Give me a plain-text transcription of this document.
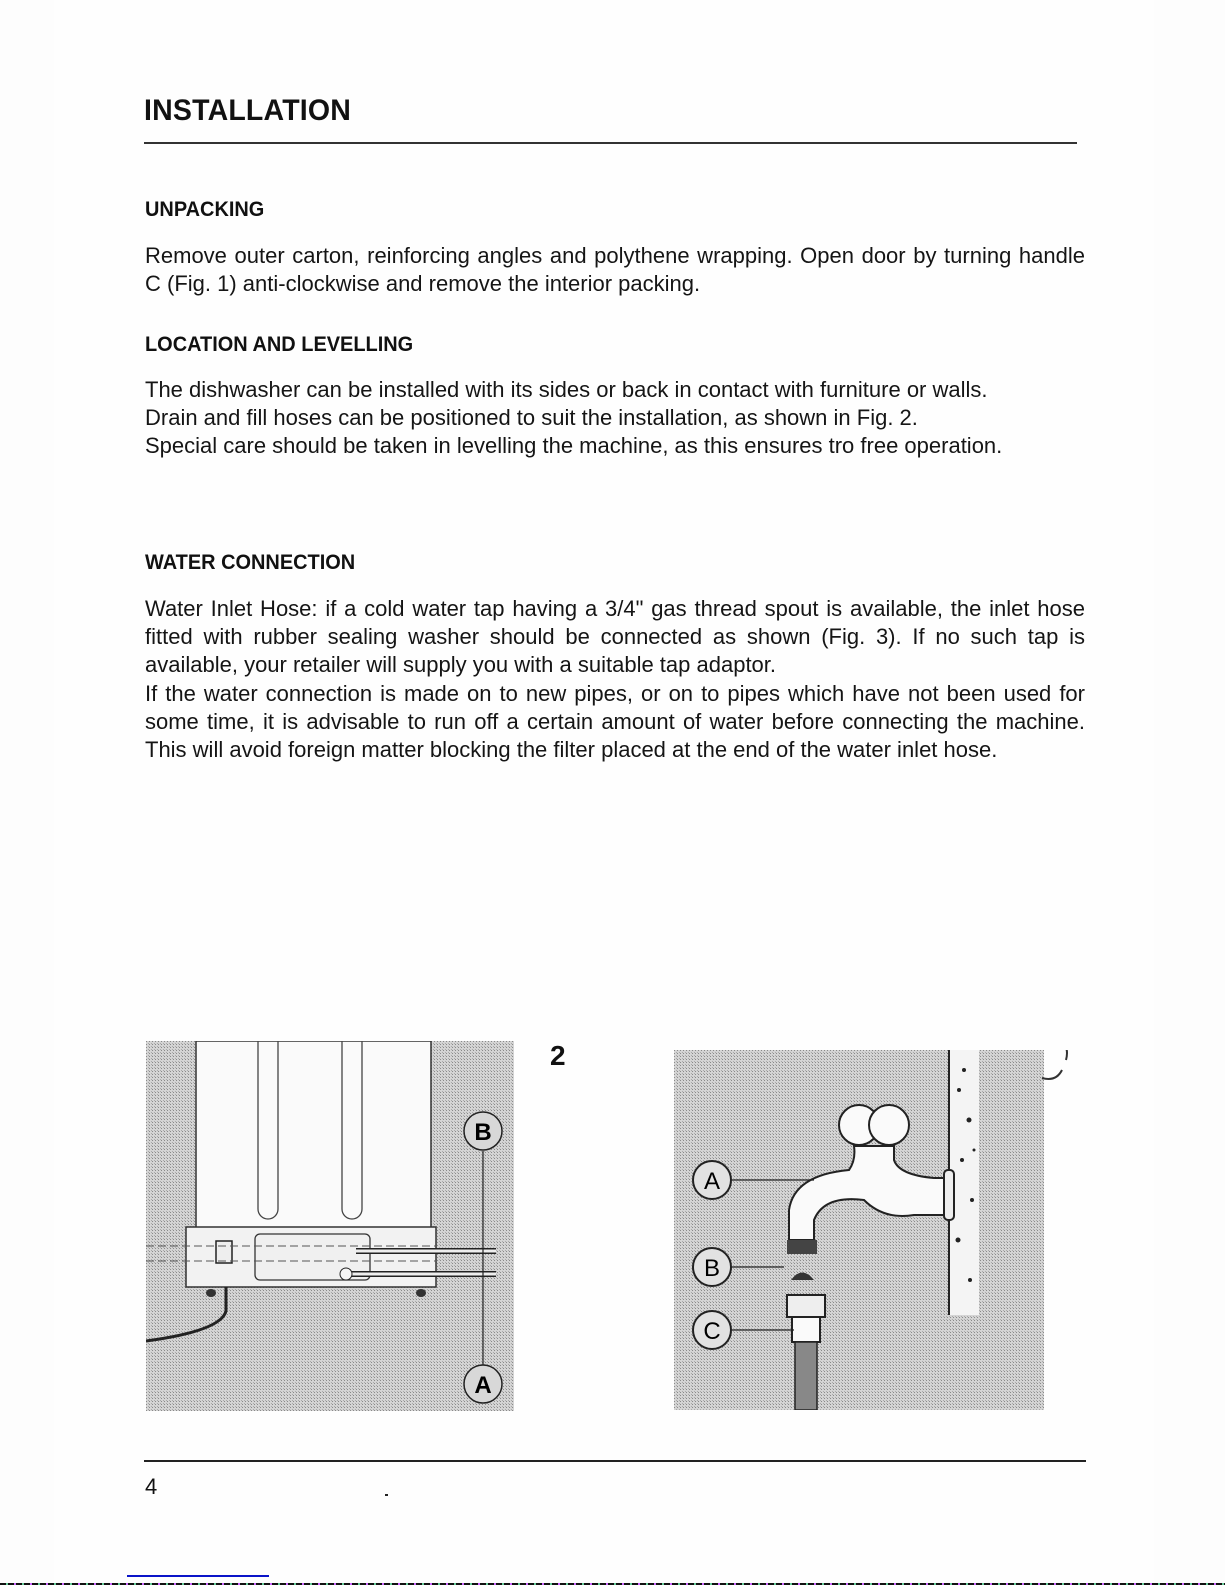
INSTALLATION
UNPACKING

Remove outer carton, reinforcing angles and polythene wrapping. Open door by turning handle C (Fig. 1) anti-clockwise and remove the interior packing.

LOCATION AND LEVELLING

The dishwasher can be installed with its sides or back in contact with furniture or walls.

Drain and fill hoses can be positioned to suit the installation, as shown in Fig. 2.

Special care should be taken in levelling the machine, as this ensures tro free operation.

WATER CONNECTION

Water Inlet Hose: if a cold water tap having a 3/4" gas thread spout is available, the inlet hose fitted with rubber sealing washer should be connected as shown (Fig. 3). If no such tap is available, your retailer will supply you with a suitable tap adaptor.

If the water connection is made on to new pipes, or on to pipes which have not been used for some time, it is advisable to run off a certain amount of water before connecting the machine. This will avoid foreign matter blocking the filter placed at the end of the water inlet hose.

B
A
2
A
B
C
4
